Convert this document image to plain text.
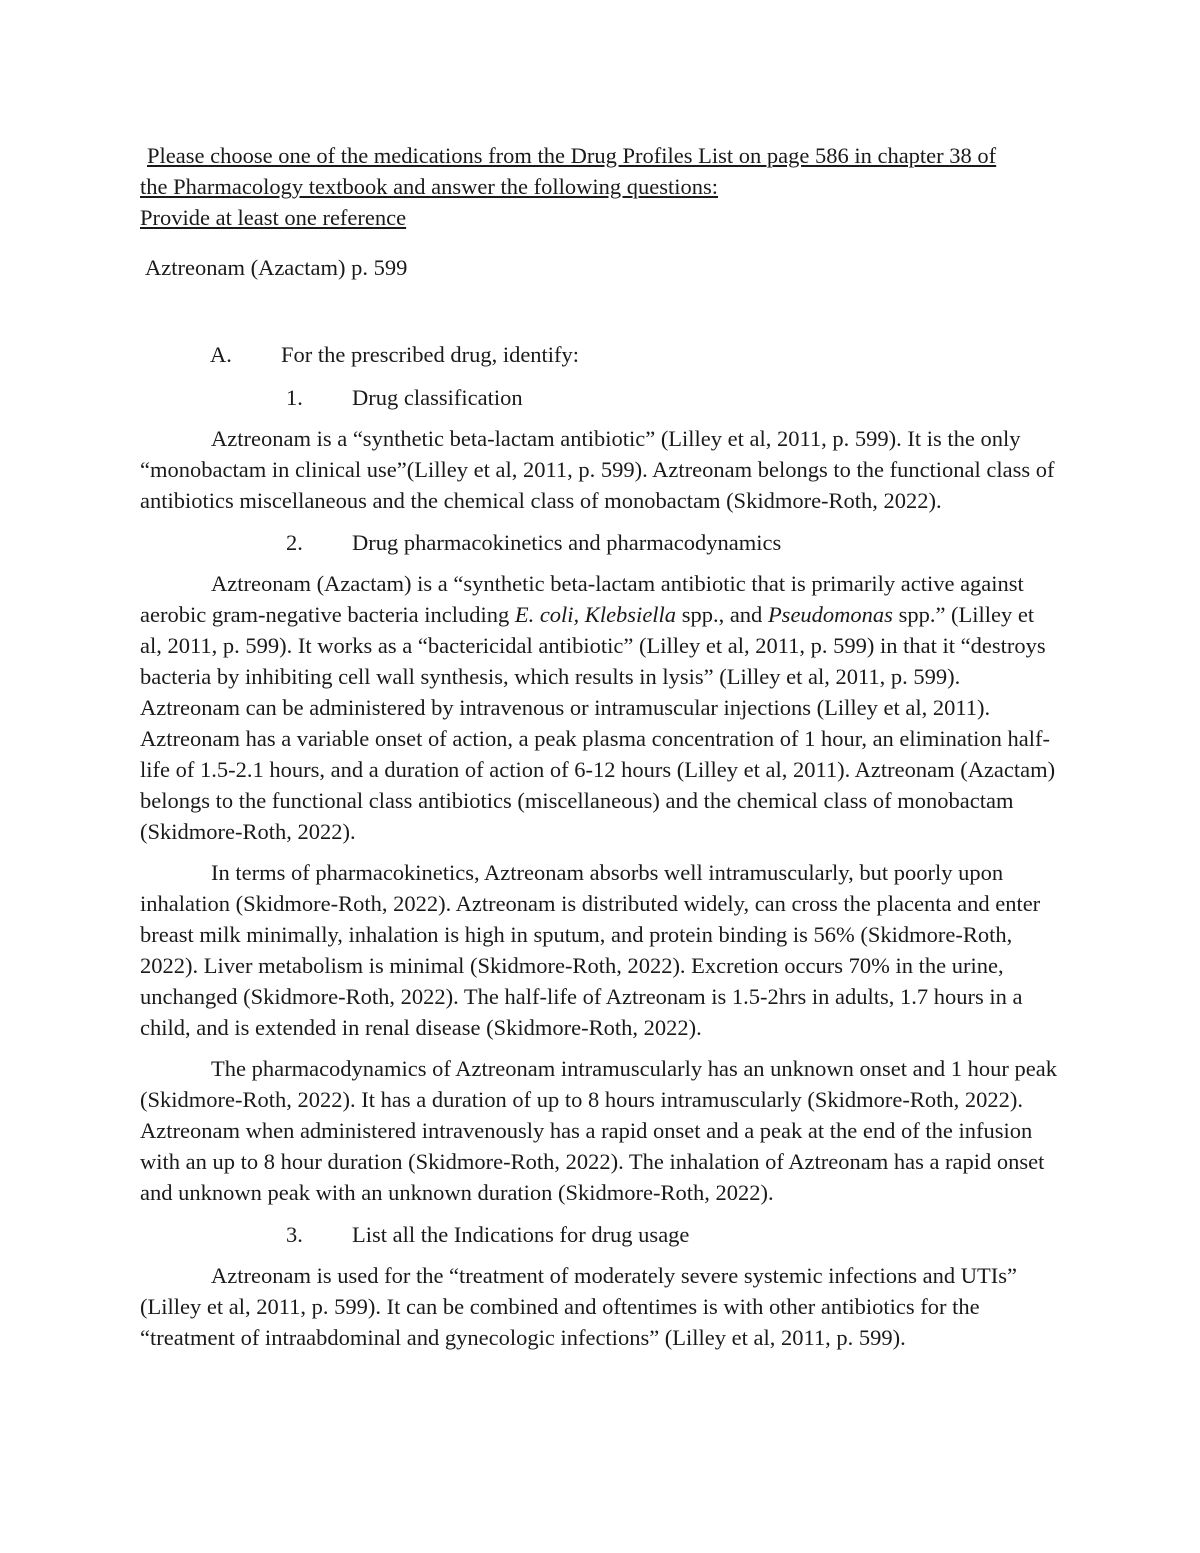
Please choose one of the medications from the Drug Profiles List on page 586 in chapter 38 of
the Pharmacology textbook and answer the following questions:
Provide at least one reference

Aztreonam (Azactam) p. 599
A.	For the prescribed drug, identify:
1.	Drug classification

Aztreonam is a “synthetic beta-lactam antibiotic” (Lilley et al, 2011, p. 599). It is the only “monobactam in clinical use”(Lilley et al, 2011, p. 599). Aztreonam belongs to the functional class of antibiotics miscellaneous and the chemical class of monobactam (Skidmore-Roth, 2022).

2.	Drug pharmacokinetics and pharmacodynamics

Aztreonam (Azactam) is a “synthetic beta-lactam antibiotic that is primarily active against aerobic gram-negative bacteria including E. coli, Klebsiella spp., and Pseudomonas spp.” (Lilley et al, 2011, p. 599). It works as a “bactericidal antibiotic” (Lilley et al, 2011, p. 599) in that it “destroys bacteria by inhibiting cell wall synthesis, which results in lysis” (Lilley et al, 2011, p. 599). Aztreonam can be administered by intravenous or intramuscular injections (Lilley et al, 2011). Aztreonam has a variable onset of action, a peak plasma concentration of 1 hour, an elimination half-life of 1.5-2.1 hours, and a duration of action of 6-12 hours (Lilley et al, 2011). Aztreonam (Azactam) belongs to the functional class antibiotics (miscellaneous) and the chemical class of monobactam (Skidmore-Roth, 2022).

In terms of pharmacokinetics, Aztreonam absorbs well intramuscularly, but poorly upon inhalation (Skidmore-Roth, 2022). Aztreonam is distributed widely, can cross the placenta and enter breast milk minimally, inhalation is high in sputum, and protein binding is 56% (Skidmore-Roth, 2022). Liver metabolism is minimal (Skidmore-Roth, 2022). Excretion occurs 70% in the urine, unchanged (Skidmore-Roth, 2022). The half-life of Aztreonam is 1.5-2hrs in adults, 1.7 hours in a child, and is extended in renal disease (Skidmore-Roth, 2022).

The pharmacodynamics of Aztreonam intramuscularly has an unknown onset and 1 hour peak (Skidmore-Roth, 2022). It has a duration of up to 8 hours intramuscularly (Skidmore-Roth, 2022). Aztreonam when administered intravenously has a rapid onset and a peak at the end of the infusion with an up to 8 hour duration (Skidmore-Roth, 2022). The inhalation of Aztreonam has a rapid onset and unknown peak with an unknown duration (Skidmore-Roth, 2022).

3.	List all the Indications for drug usage

Aztreonam is used for the “treatment of moderately severe systemic infections and UTIs” (Lilley et al, 2011, p. 599). It can be combined and oftentimes is with other antibiotics for the “treatment of intraabdominal and gynecologic infections” (Lilley et al, 2011, p. 599).
